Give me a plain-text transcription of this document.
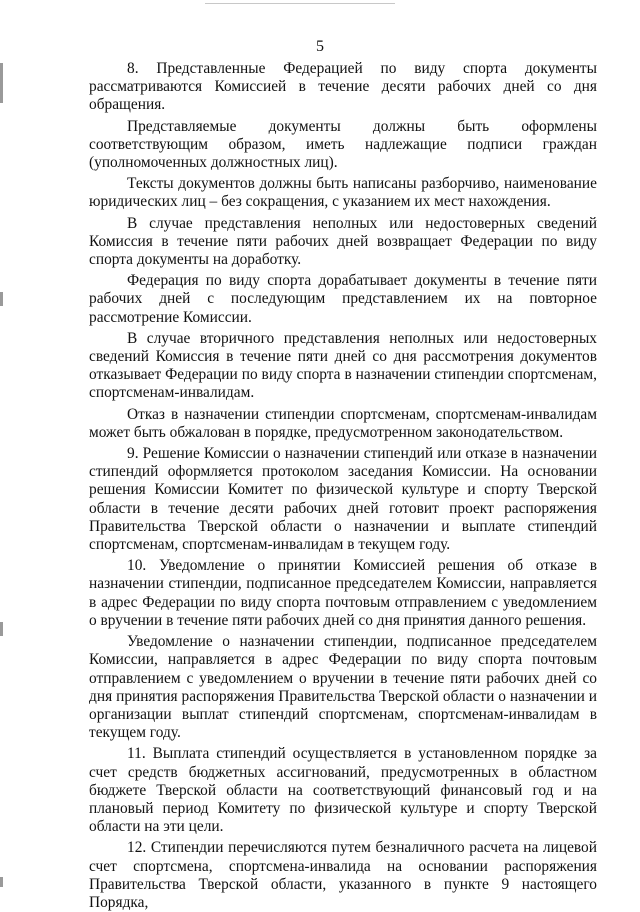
5

8. Представленные Федерацией по виду спорта документы рассматриваются Комиссией в течение десяти рабочих дней со дня обращения.

Представляемые документы должны быть оформлены соответствующим образом, иметь надлежащие подписи граждан (уполномоченных должностных лиц).

Тексты документов должны быть написаны разборчиво, наименование юридических лиц – без сокращения, с указанием их мест нахождения.

В случае представления неполных или недостоверных сведений Комиссия в течение пяти рабочих дней возвращает Федерации по виду спорта документы на доработку.

Федерация по виду спорта дорабатывает документы в течение пяти рабочих дней с последующим представлением их на повторное рассмотрение Комиссии.

В случае вторичного представления неполных или недостоверных сведений Комиссия в течение пяти дней со дня рассмотрения документов отказывает Федерации по виду спорта в назначении стипендии спортсменам, спортсменам-инвалидам.

Отказ в назначении стипендии спортсменам, спортсменам-инвалидам может быть обжалован в порядке, предусмотренном законодательством.

9. Решение Комиссии о назначении стипендий или отказе в назначении стипендий оформляется протоколом заседания Комиссии. На основании решения Комиссии Комитет по физической культуре и спорту Тверской области в течение десяти рабочих дней готовит проект распоряжения Правительства Тверской области о назначении и выплате стипендий спортсменам, спортсменам-инвалидам в текущем году.

10. Уведомление о принятии Комиссией решения об отказе в назначении стипендии, подписанное председателем Комиссии, направляется в адрес Федерации по виду спорта почтовым отправлением с уведомлением о вручении в течение пяти рабочих дней со дня принятия данного решения.

Уведомление о назначении стипендии, подписанное председателем Комиссии, направляется в адрес Федерации по виду спорта почтовым отправлением с уведомлением о вручении в течение пяти рабочих дней со дня принятия распоряжения Правительства Тверской области о назначении и организации выплат стипендий спортсменам, спортсменам-инвалидам в текущем году.

11. Выплата стипендий осуществляется в установленном порядке за счет средств бюджетных ассигнований, предусмотренных в областном бюджете Тверской области на соответствующий финансовый год и на плановый период Комитету по физической культуре и спорту Тверской области на эти цели.

12. Стипендии перечисляются путем безналичного расчета на лицевой счет спортсмена, спортсмена-инвалида на основании распоряжения Правительства Тверской области, указанного в пункте 9 настоящего Порядка,
